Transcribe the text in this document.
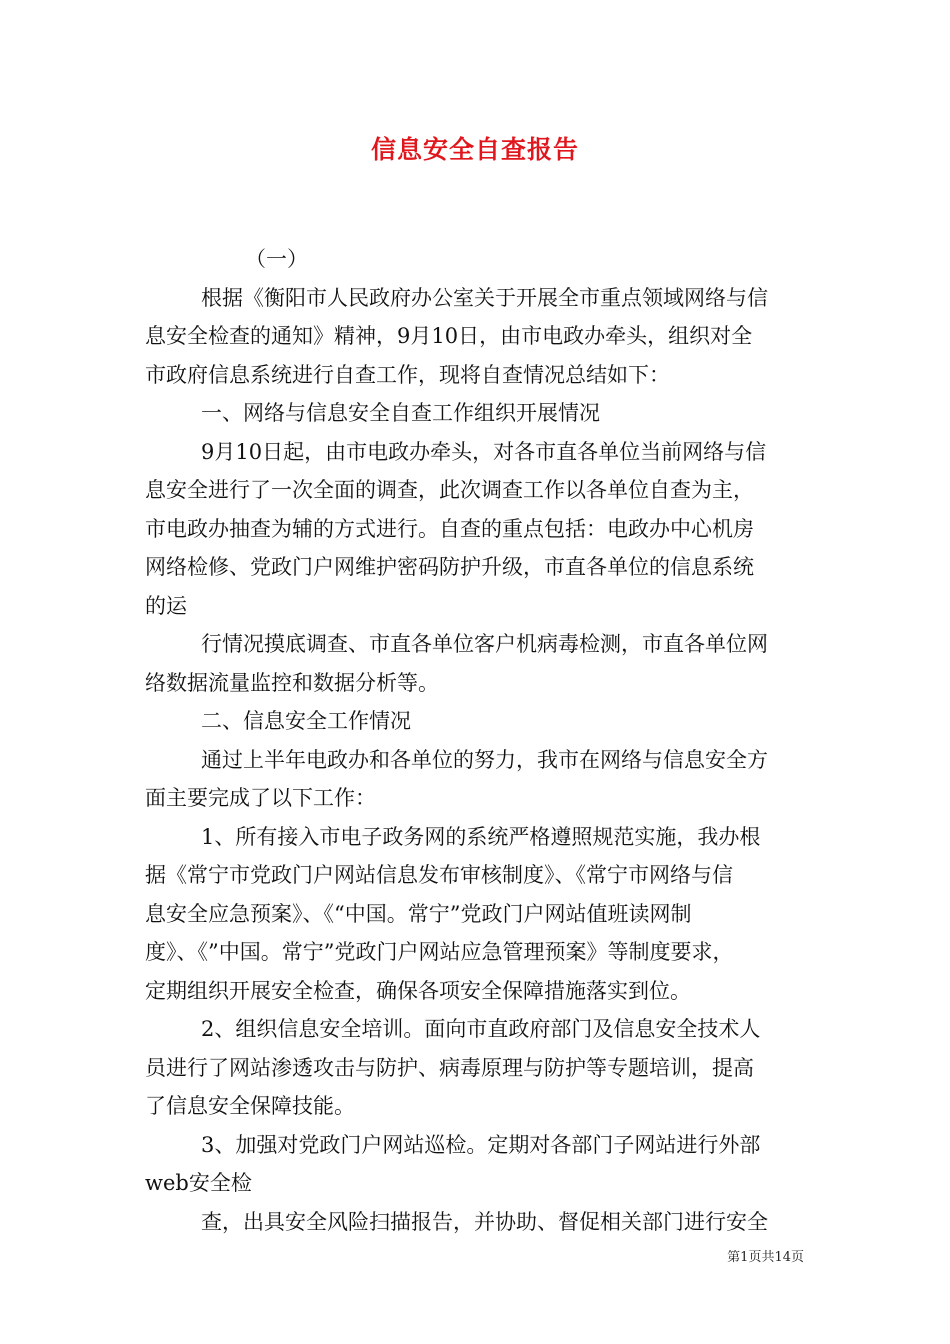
信息安全自查报告
（一）
根据《衡阳市人民政府办公室关于开展全市重点领域网络与信
息安全检查的通知》精神，9月10日，由市电政办牵头，组织对全
市政府信息系统进行自查工作，现将自查情况总结如下：
一、网络与信息安全自查工作组织开展情况
9月10日起，由市电政办牵头，对各市直各单位当前网络与信
息安全进行了一次全面的调查，此次调查工作以各单位自查为主，
市电政办抽查为辅的方式进行。自查的重点包括：电政办中心机房
网络检修、党政门户网维护密码防护升级，市直各单位的信息系统
的运
行情况摸底调查、市直各单位客户机病毒检测，市直各单位网
络数据流量监控和数据分析等。
二、信息安全工作情况
通过上半年电政办和各单位的努力，我市在网络与信息安全方
面主要完成了以下工作：
1、所有接入市电子政务网的系统严格遵照规范实施，我办根
据《常宁市党政门户网站信息发布审核制度》、《常宁市网络与信
息安全应急预案》、《“中国。常宁”党政门户网站值班读网制
度》、《”中国。常宁”党政门户网站应急管理预案》等制度要求，
定期组织开展安全检查，确保各项安全保障措施落实到位。
2、组织信息安全培训。面向市直政府部门及信息安全技术人
员进行了网站渗透攻击与防护、病毒原理与防护等专题培训，提高
了信息安全保障技能。
3、加强对党政门户网站巡检。定期对各部门子网站进行外部
web安全检
查，出具安全风险扫描报告，并协助、督促相关部门进行安全
第1页共14页
